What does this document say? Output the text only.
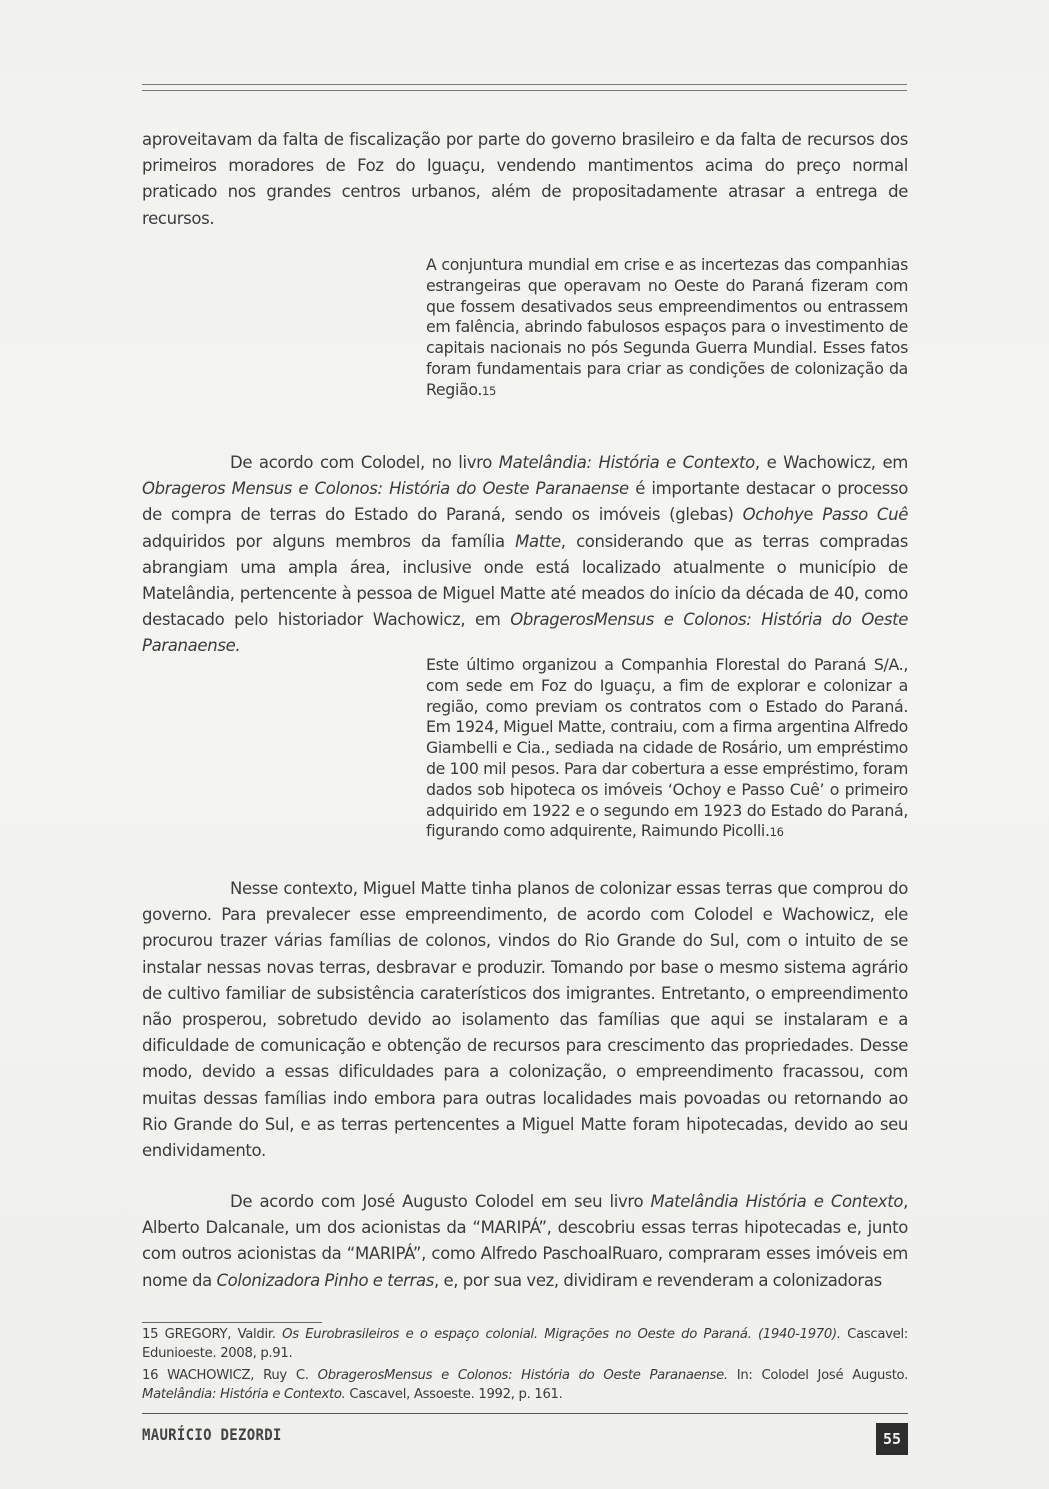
aproveitavam da falta de fiscalização por parte do governo brasileiro e da falta de recursos dos primeiros moradores de Foz do Iguaçu, vendendo mantimentos acima do preço normal praticado nos grandes centros urbanos, além de propositadamente atrasar a entrega de recursos.
A conjuntura mundial em crise e as incertezas das companhias estrangeiras que operavam no Oeste do Paraná fizeram com que fossem desativados seus empreendimentos ou entrassem em falência, abrindo fabulosos espaços para o investimento de capitais nacionais no pós Segunda Guerra Mundial. Esses fatos foram fundamentais para criar as condições de colonização da Região.15
De acordo com Colodel, no livro Matelândia: História e Contexto, e Wachowicz, em Obrageros Mensus e Colonos: História do Oeste Paranaense é importante destacar o processo de compra de terras do Estado do Paraná, sendo os imóveis (glebas) Ochohye Passo Cuê adquiridos por alguns membros da família Matte, considerando que as terras compradas abrangiam uma ampla área, inclusive onde está localizado atualmente o município de Matelândia, pertencente à pessoa de Miguel Matte até meados do início da década de 40, como destacado pelo historiador Wachowicz, em ObragerosMensus e Colonos: História do Oeste Paranaense.
Este último organizou a Companhia Florestal do Paraná S/A., com sede em Foz do Iguaçu, a fim de explorar e colonizar a região, como previam os contratos com o Estado do Paraná. Em 1924, Miguel Matte, contraiu, com a firma argentina Alfredo Giambelli e Cia., sediada na cidade de Rosário, um empréstimo de 100 mil pesos. Para dar cobertura a esse empréstimo, foram dados sob hipoteca os imóveis ‘Ochoy e Passo Cuê’ o primeiro adquirido em 1922 e o segundo em 1923 do Estado do Paraná, figurando como adquirente, Raimundo Picolli.16
Nesse contexto, Miguel Matte tinha planos de colonizar essas terras que comprou do governo. Para prevalecer esse empreendimento, de acordo com Colodel e Wachowicz, ele procurou trazer várias famílias de colonos, vindos do Rio Grande do Sul, com o intuito de se instalar nessas novas terras, desbravar e produzir. Tomando por base o mesmo sistema agrário de cultivo familiar de subsistência caraterísticos dos imigrantes. Entretanto, o empreendimento não prosperou, sobretudo devido ao isolamento das famílias que aqui se instalaram e a dificuldade de comunicação e obtenção de recursos para crescimento das propriedades. Desse modo, devido a essas dificuldades para a colonização, o empreendimento fracassou, com muitas dessas famílias indo embora para outras localidades mais povoadas ou retornando ao Rio Grande do Sul, e as terras pertencentes a Miguel Matte foram hipotecadas, devido ao seu endividamento.
De acordo com José Augusto Colodel em seu livro Matelândia História e Contexto, Alberto Dalcanale, um dos acionistas da “MARIPÁ”, descobriu essas terras hipotecadas e, junto com outros acionistas da “MARIPÁ”, como Alfredo PaschoalRuaro, compraram esses imóveis em nome da Colonizadora Pinho e terras, e, por sua vez, dividiram e revenderam a colonizadoras

15 GREGORY, Valdir. Os Eurobrasileiros e o espaço colonial. Migrações no Oeste do Paraná. (1940-1970). Cascavel: Edunioeste. 2008, p.91.

16 WACHOWICZ, Ruy C. ObragerosMensus e Colonos: História do Oeste Paranaense. In: Colodel José Augusto. Matelândia: História e Contexto. Cascavel, Assoeste. 1992, p. 161.

MAURÍCIO DEZORDI	55
